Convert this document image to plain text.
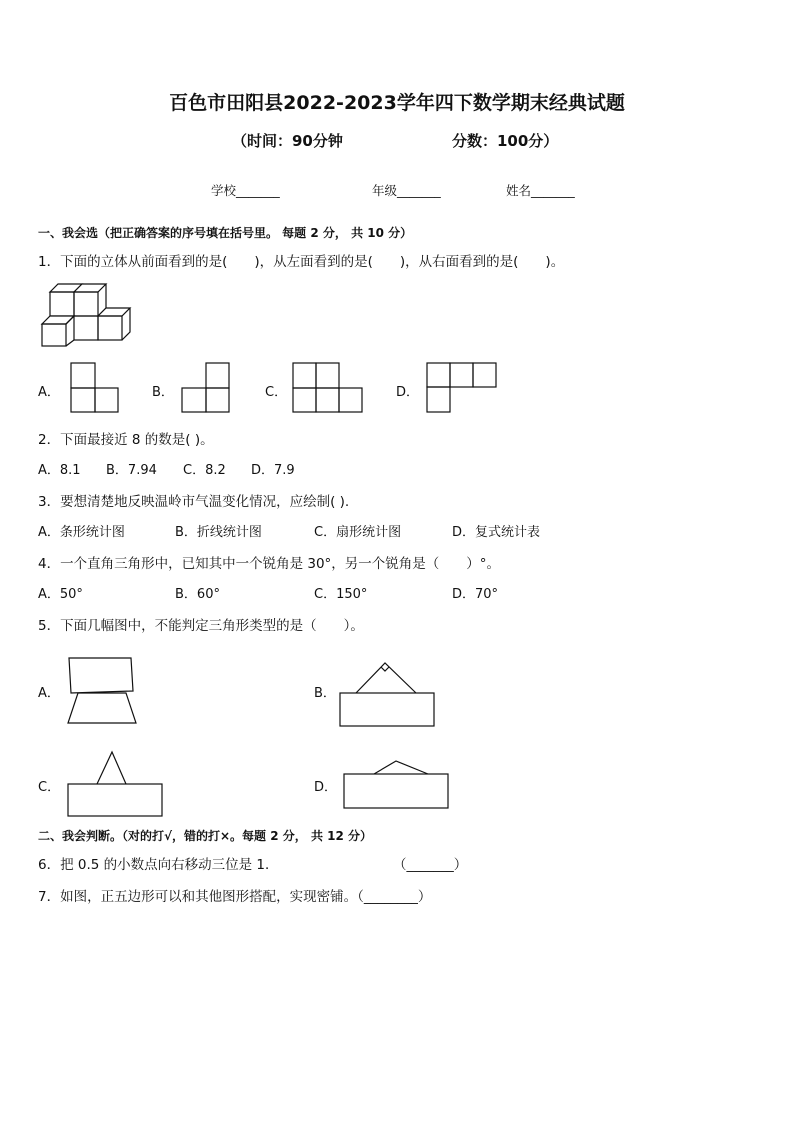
百色市田阳县2022-2023学年四下数学期末经典试题
（时间：90分钟	分数：100分）
学校_______	年级_______	姓名_______
一、我会选（把正确答案的序号填在括号里。 每题 2 分， 共 10 分）
1．下面的立体从前面看到的是(　　)，从左面看到的是(　　)，从右面看到的是(　　)。
A．	B．	C．	D．
2．下面最接近 8 的数是( )。
A．8.1 B．7.94 C．8.2 D．7.9
3．要想清楚地反映温岭市气温变化情况，应绘制( ).
A．条形统计图	B．折线统计图	C．扇形统计图	D．复式统计表
4．一个直角三角形中，已知其中一个锐角是 30°，另一个锐角是（　　）°。
A．50°	B．60°	C．150°	D．70°
5．下面几幅图中，不能判定三角形类型的是（　　）。
A．	B．
C．	D．
二、我会判断。（对的打√，错的打×。每题 2 分， 共 12 分）
6．把 0.5 的小数点向右移动三位是 1．	（_______）
7．如图，正五边形可以和其他图形搭配，实现密铺。（________）
